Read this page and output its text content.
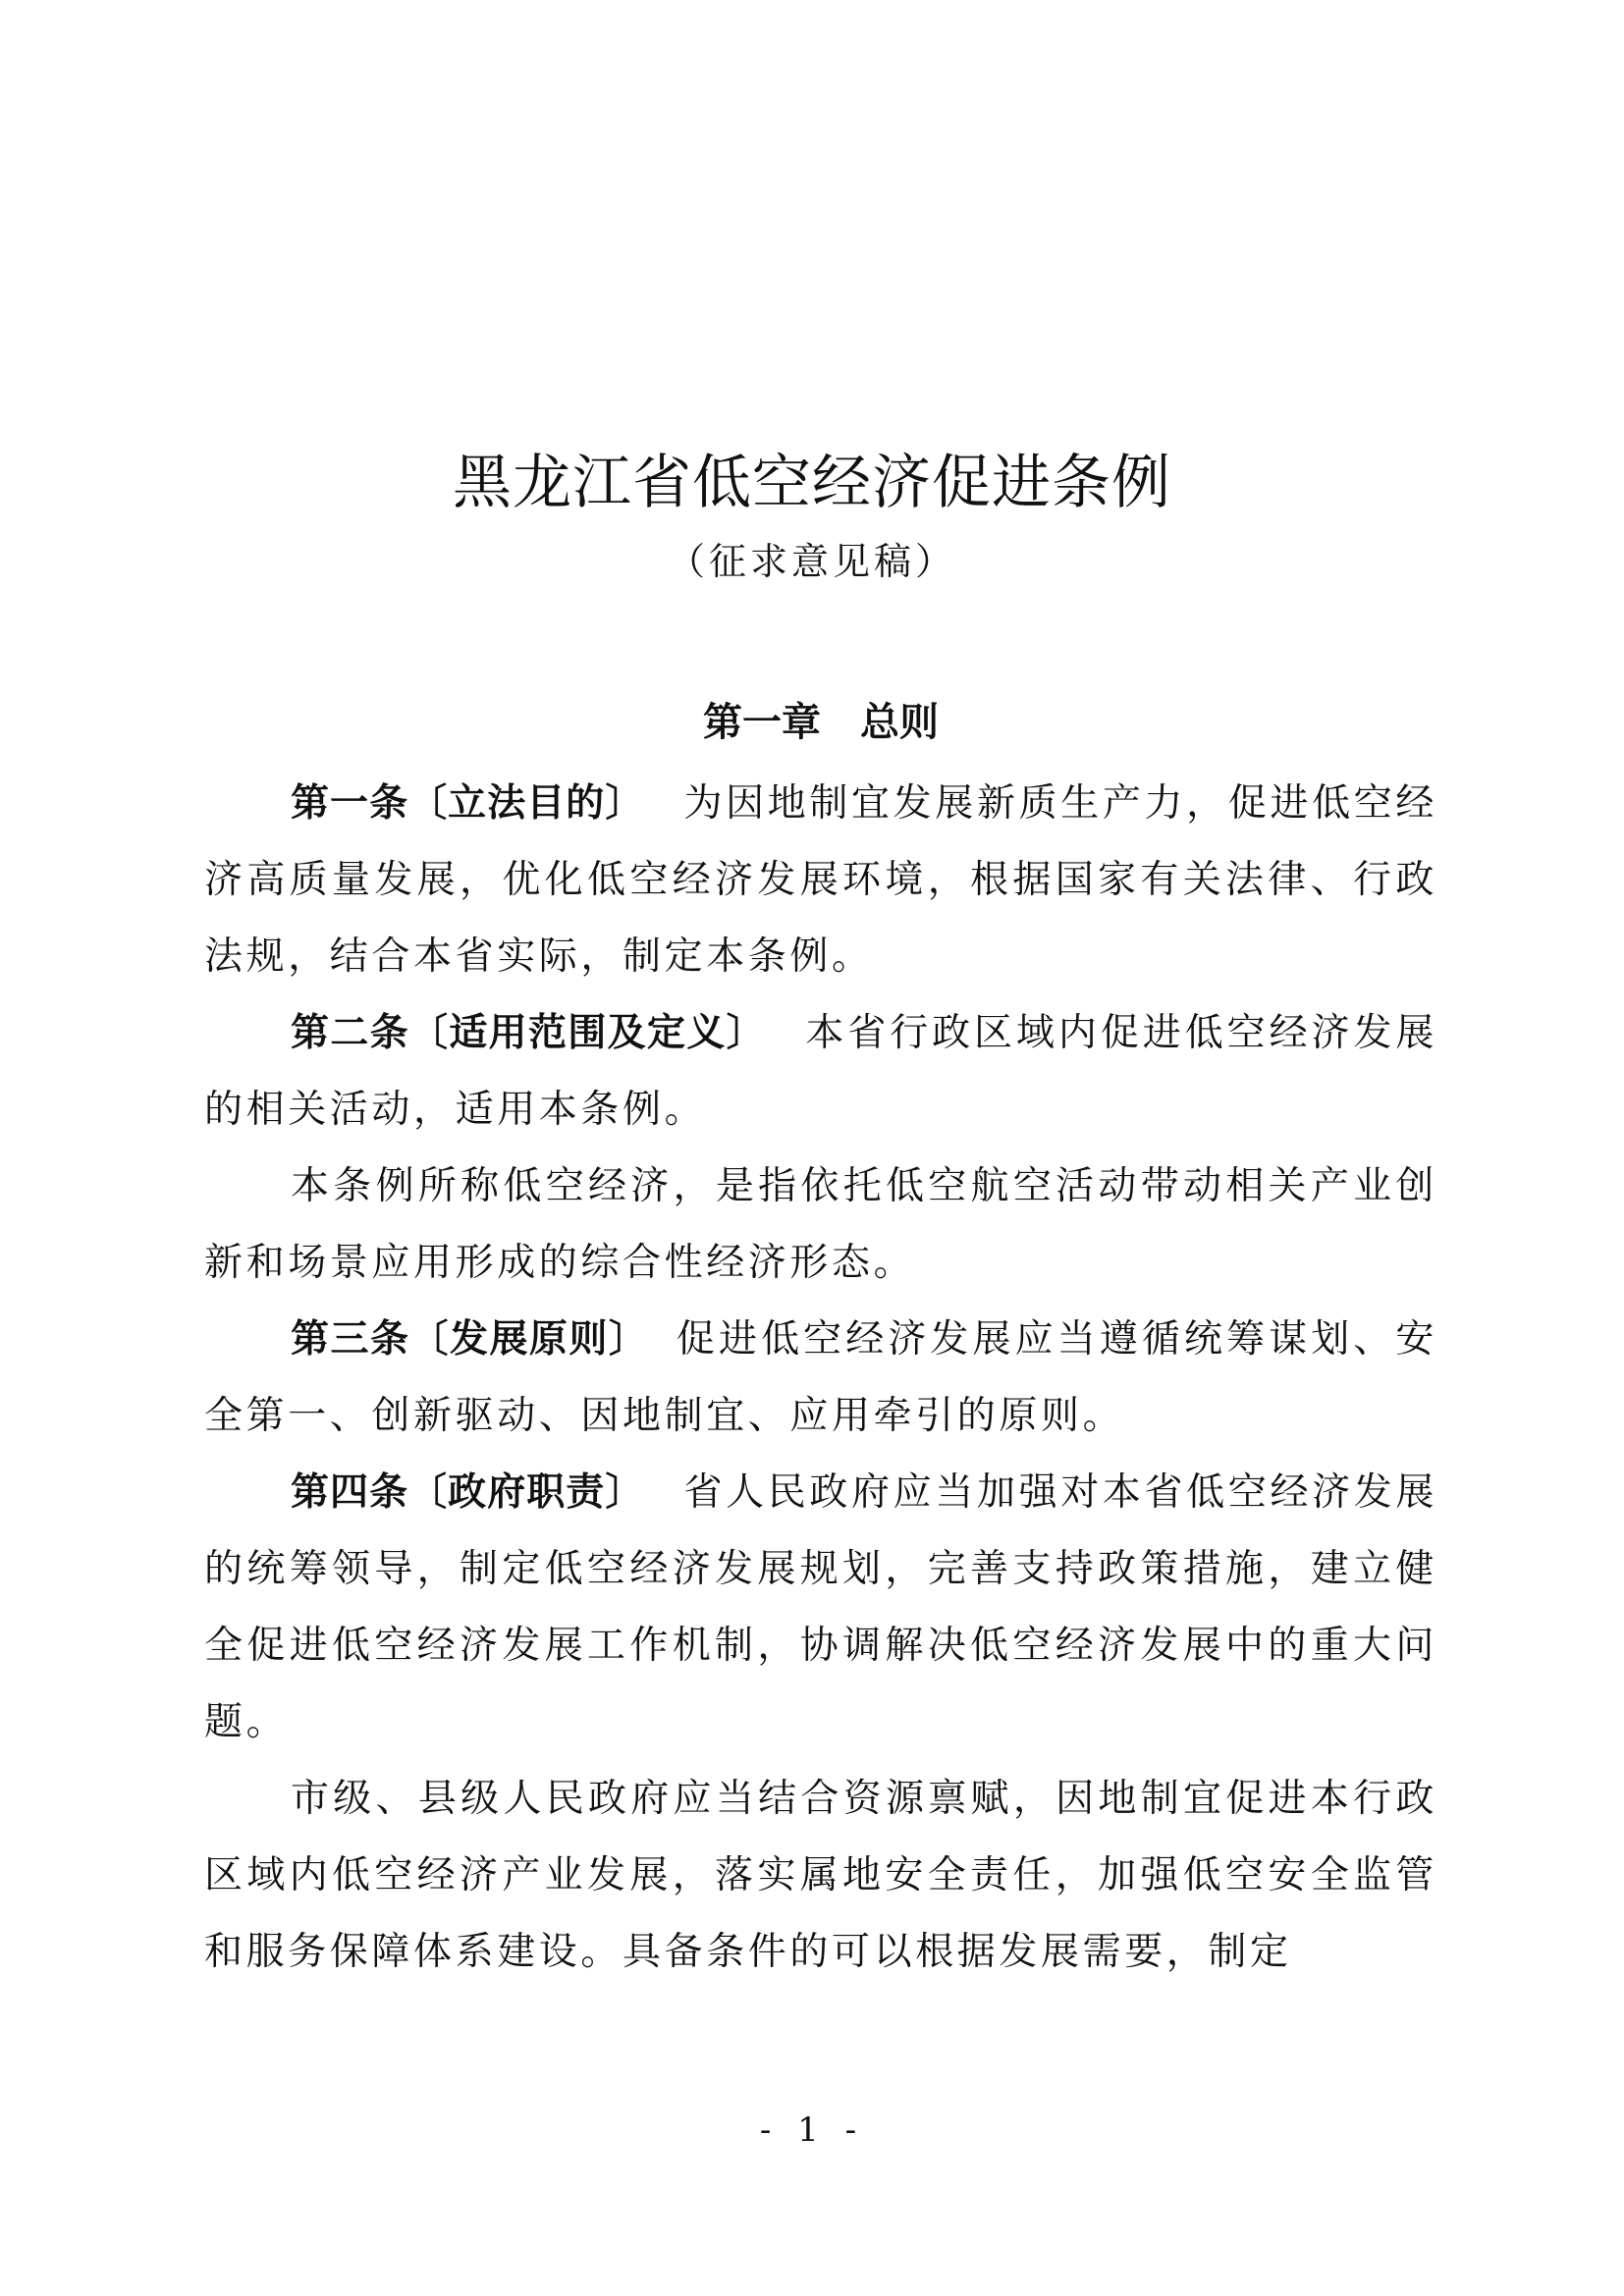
黑龙江省低空经济促进条例
（征求意见稿）
第一章 总则

第一条〔立法目的〕 为因地制宜发展新质生产力，促进低空经济高质量发展，优化低空经济发展环境，根据国家有关法律、行政法规，结合本省实际，制定本条例。

第二条〔适用范围及定义〕 本省行政区域内促进低空经济发展的相关活动，适用本条例。

本条例所称低空经济，是指依托低空航空活动带动相关产业创新和场景应用形成的综合性经济形态。

第三条〔发展原则〕 促进低空经济发展应当遵循统筹谋划、安全第一、创新驱动、因地制宜、应用牵引的原则。

第四条〔政府职责〕 省人民政府应当加强对本省低空经济发展的统筹领导，制定低空经济发展规划，完善支持政策措施，建立健全促进低空经济发展工作机制，协调解决低空经济发展中的重大问题。

市级、县级人民政府应当结合资源禀赋，因地制宜促进本行政区域内低空经济产业发展，落实属地安全责任，加强低空安全监管和服务保障体系建设。具备条件的可以根据发展需要，制定

- 1 -
